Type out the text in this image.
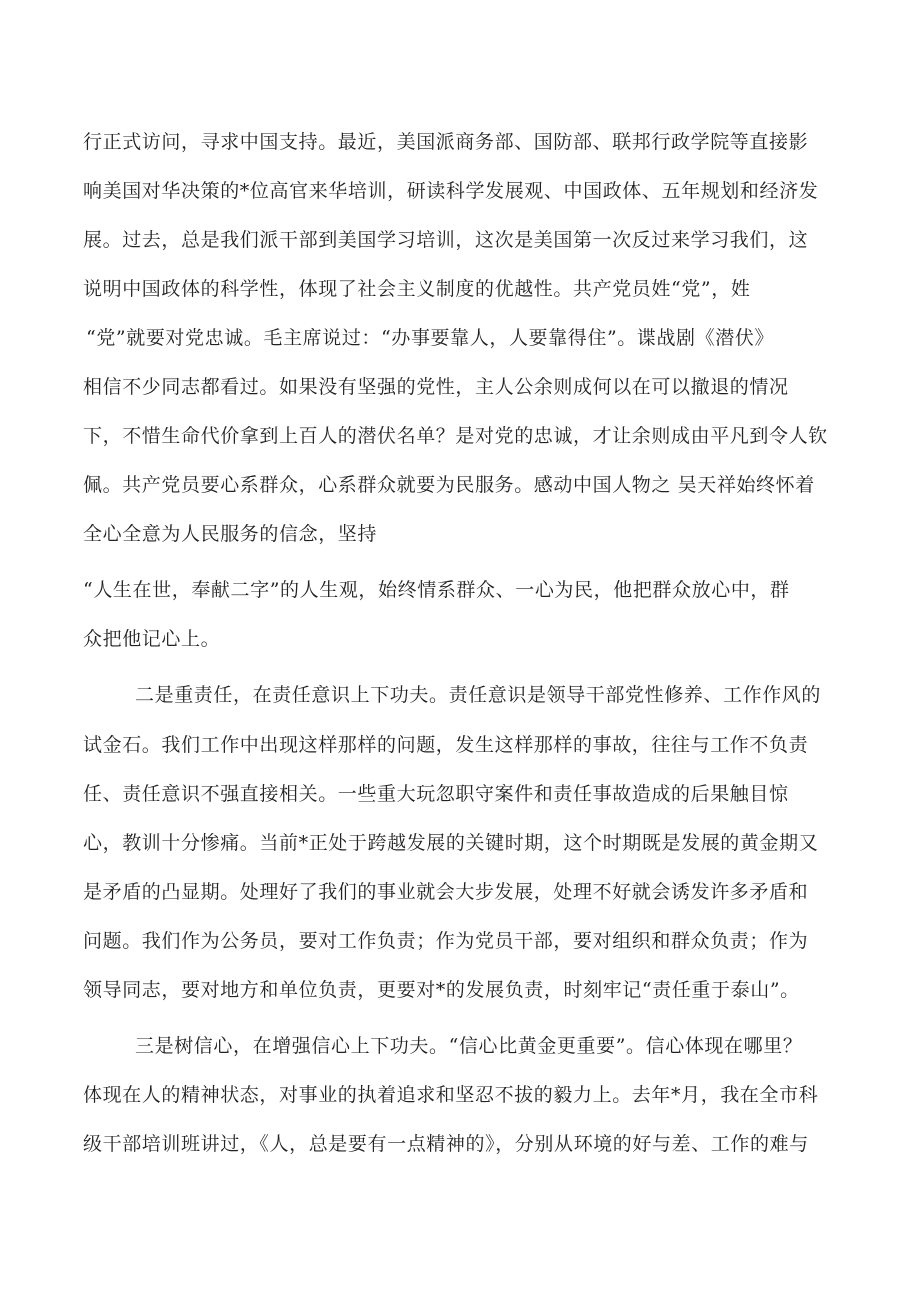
行正式访问，寻求中国支持。最近，美国派商务部、国防部、联邦行政学院等直接影
响美国对华决策的*位高官来华培训，研读科学发展观、中国政体、五年规划和经济发
展。过去，总是我们派干部到美国学习培训，这次是美国第一次反过来学习我们，这
说明中国政体的科学性，体现了社会主义制度的优越性。共产党员姓“党”，姓
“党”就要对党忠诚。毛主席说过：“办事要靠人，人要靠得住”。谍战剧《潜伏》
相信不少同志都看过。如果没有坚强的党性，主人公余则成何以在可以撤退的情况
下，不惜生命代价拿到上百人的潜伏名单？是对党的忠诚，才让余则成由平凡到令人钦
佩。共产党员要心系群众，心系群众就要为民服务。感动中国人物之 吴天祥始终怀着
全心全意为人民服务的信念，坚持
“人生在世，奉献二字”的人生观，始终情系群众、一心为民，他把群众放心中，群
众把他记心上。
二是重责任，在责任意识上下功夫。责任意识是领导干部党性修养、工作作风的
试金石。我们工作中出现这样那样的问题，发生这样那样的事故，往往与工作不负责
任、责任意识不强直接相关。一些重大玩忽职守案件和责任事故造成的后果触目惊
心，教训十分惨痛。当前*正处于跨越发展的关键时期，这个时期既是发展的黄金期又
是矛盾的凸显期。处理好了我们的事业就会大步发展，处理不好就会诱发许多矛盾和
问题。我们作为公务员，要对工作负责；作为党员干部，要对组织和群众负责；作为
领导同志，要对地方和单位负责，更要对*的发展负责，时刻牢记“责任重于泰山”。
三是树信心，在增强信心上下功夫。“信心比黄金更重要”。信心体现在哪里？
体现在人的精神状态，对事业的执着追求和坚忍不拔的毅力上。去年*月，我在全市科
级干部培训班讲过，《人，总是要有一点精神的》，分别从环境的好与差、工作的难与
